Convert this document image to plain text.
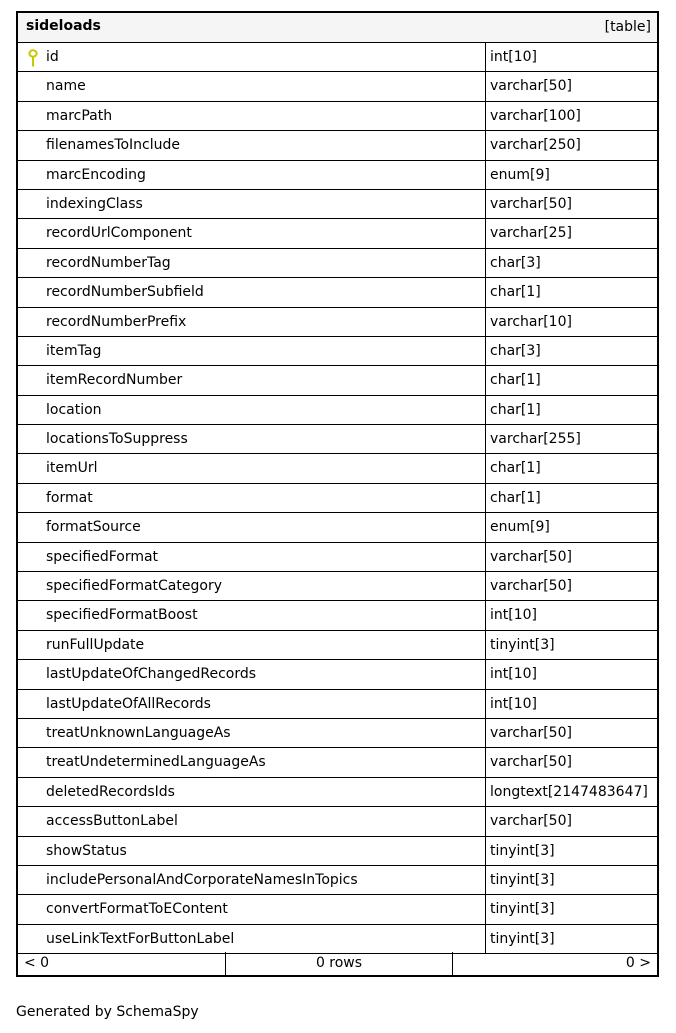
sideloads	[table]
id	int[10]
name	varchar[50]
marcPath	varchar[100]
filenamesToInclude	varchar[250]
marcEncoding	enum[9]
indexingClass	varchar[50]
recordUrlComponent	varchar[25]
recordNumberTag	char[3]
recordNumberSubfield	char[1]
recordNumberPrefix	varchar[10]
itemTag	char[3]
itemRecordNumber	char[1]
location	char[1]
locationsToSuppress	varchar[255]
itemUrl	char[1]
format	char[1]
formatSource	enum[9]
specifiedFormat	varchar[50]
specifiedFormatCategory	varchar[50]
specifiedFormatBoost	int[10]
runFullUpdate	tinyint[3]
lastUpdateOfChangedRecords	int[10]
lastUpdateOfAllRecords	int[10]
treatUnknownLanguageAs	varchar[50]
treatUndeterminedLanguageAs	varchar[50]
deletedRecordsIds	longtext[2147483647]
accessButtonLabel	varchar[50]
showStatus	tinyint[3]
includePersonalAndCorporateNamesInTopics	tinyint[3]
convertFormatToEContent	tinyint[3]
useLinkTextForButtonLabel	tinyint[3]
< 0	0 rows	0 >
Generated by SchemaSpy
